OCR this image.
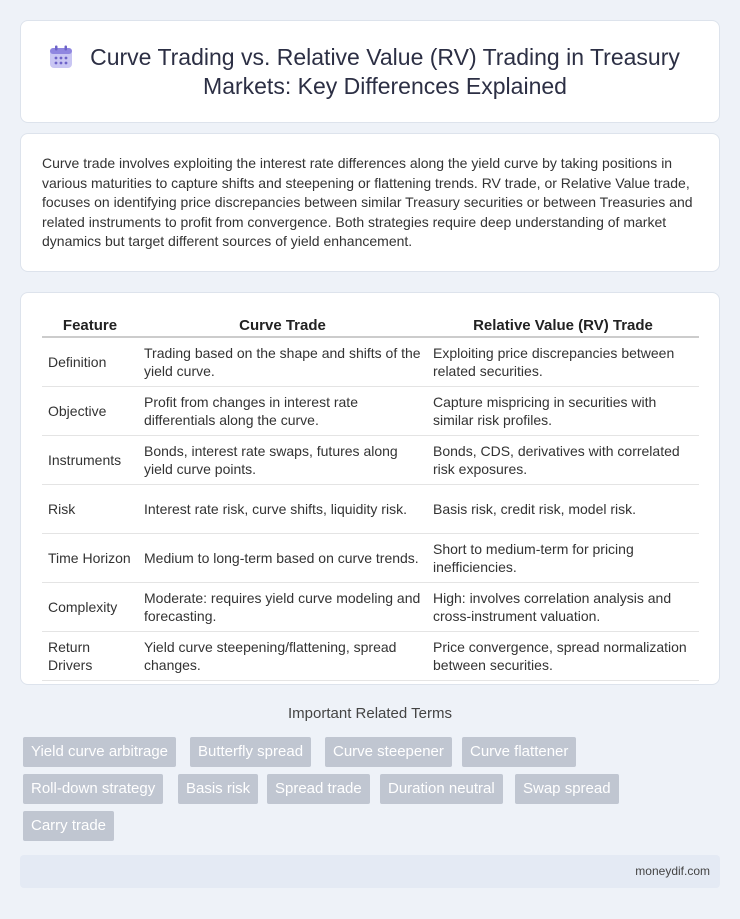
Curve Trading vs. Relative Value (RV) Trading in Treasury Markets: Key Differences Explained

Curve trade involves exploiting the interest rate differences along the yield curve by taking positions in various maturities to capture shifts and steepening or flattening trends. RV trade, or Relative Value trade, focuses on identifying price discrepancies between similar Treasury securities or between Treasuries and related instruments to profit from convergence. Both strategies require deep understanding of market dynamics but target different sources of yield enhancement.

Feature	Curve Trade	Relative Value (RV) Trade
Definition	Trading based on the shape and shifts of the yield curve.	Exploiting price discrepancies between related securities.
Objective	Profit from changes in interest rate differentials along the curve.	Capture mispricing in securities with similar risk profiles.
Instruments	Bonds, interest rate swaps, futures along yield curve points.	Bonds, CDS, derivatives with correlated risk exposures.
Risk	Interest rate risk, curve shifts, liquidity risk.	Basis risk, credit risk, model risk.
Time Horizon	Medium to long-term based on curve trends.	Short to medium-term for pricing inefficiencies.
Complexity	Moderate: requires yield curve modeling and forecasting.	High: involves correlation analysis and cross-instrument valuation.
Return Drivers	Yield curve steepening/flattening, spread changes.	Price convergence, spread normalization between securities.
Important Related Terms
Yield curve arbitrage	Butterfly spread	Curve steepener	Curve flattener
Roll-down strategy	Basis risk	Spread trade	Duration neutral	Swap spread
Carry trade
moneydif.com
